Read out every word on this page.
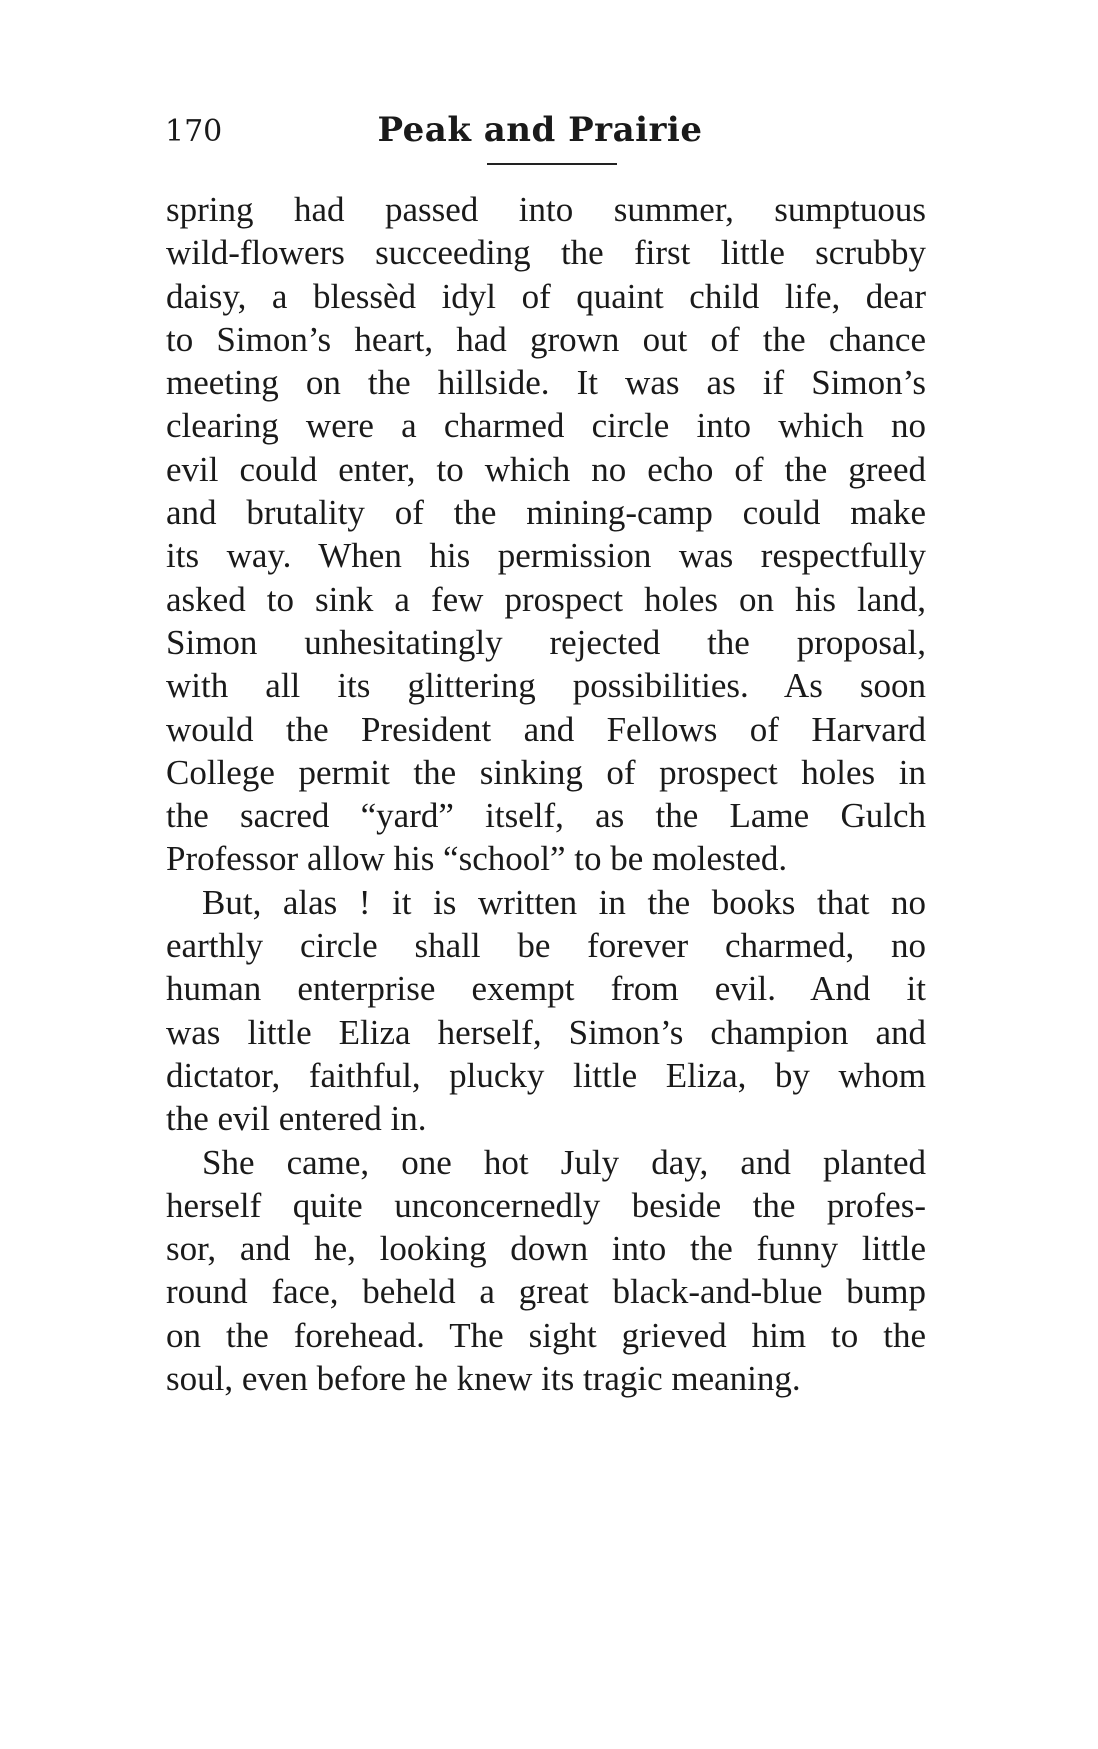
170	Peak and Prairie

spring had passed into summer, sumptuous
wild-flowers succeeding the first little scrubby
daisy, a blessèd idyl of quaint child life, dear
to Simon’s heart, had grown out of the chance
meeting on the hillside. It was as if Simon’s
clearing were a charmed circle into which no
evil could enter, to which no echo of the greed
and brutality of the mining-camp could make
its way. When his permission was respectfully
asked to sink a few prospect holes on his land,
Simon unhesitatingly rejected the proposal,
with all its glittering possibilities. As soon
would the President and Fellows of Harvard
College permit the sinking of prospect holes in
the sacred “yard” itself, as the Lame Gulch
Professor allow his “school” to be molested.

But, alas ! it is written in the books that no
earthly circle shall be forever charmed, no
human enterprise exempt from evil. And it
was little Eliza herself, Simon’s champion and
dictator, faithful, plucky little Eliza, by whom
the evil entered in.

She came, one hot July day, and planted
herself quite unconcernedly beside the profes-
sor, and he, looking down into the funny little
round face, beheld a great black-and-blue bump
on the forehead. The sight grieved him to the
soul, even before he knew its tragic meaning.
